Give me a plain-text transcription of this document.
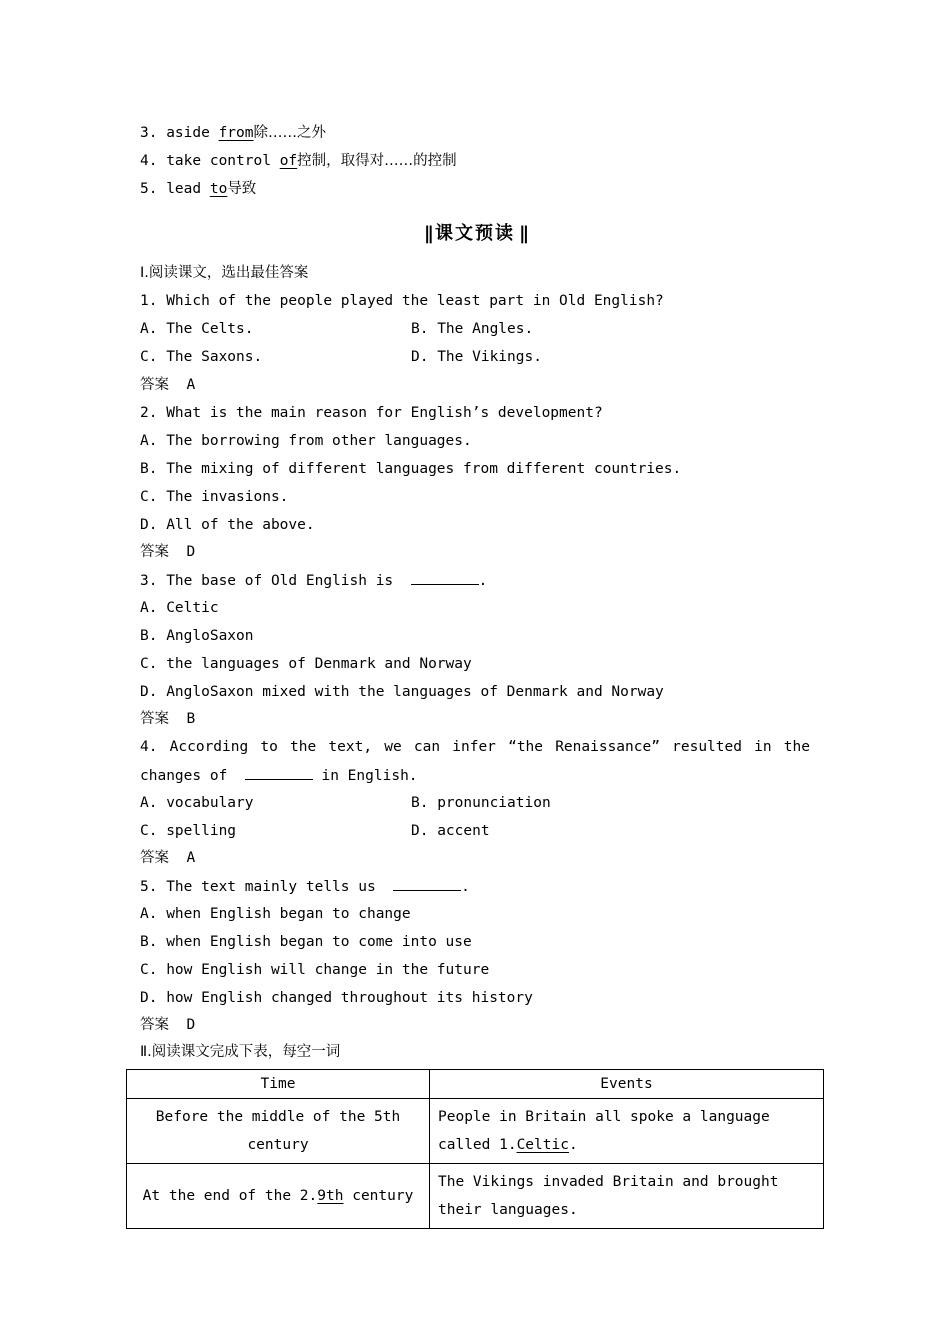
3. aside from除……之外
4. take control of控制，取得对……的控制
5. lead to导致
|| 课文预读 ||
Ⅰ.阅读课文，选出最佳答案
1. Which of the people played the least part in Old English?
A. The Celts.	B. The Angles.
C. The Saxons.	D. The Vikings.
答案  A
2. What is the main reason for English’s development?
A. The borrowing from other languages.
B. The mixing of different languages from different countries.
C. The invasions.
D. All of the above.
答案  D
3. The base of Old English is	.
A. Celtic
B. AngloSaxon
C. the languages of Denmark and Norway
D. AngloSaxon mixed with the languages of Denmark and Norway
答案  B
4. According to the text, we can infer “the Renaissance” resulted in the
changes of	in English.
A. vocabulary	B. pronunciation
C. spelling	D. accent
答案  A
5. The text mainly tells us	.
A. when English began to change
B. when English began to come into use
C. how English will change in the future
D. how English changed throughout its history
答案  D
Ⅱ.阅读课文完成下表，每空一词
Time	Events
Before the middle of the 5th
century	People in Britain all spoke a language
called 1.Celtic.
At the end of the 2.9th century	The Vikings invaded Britain and brought
their languages.
